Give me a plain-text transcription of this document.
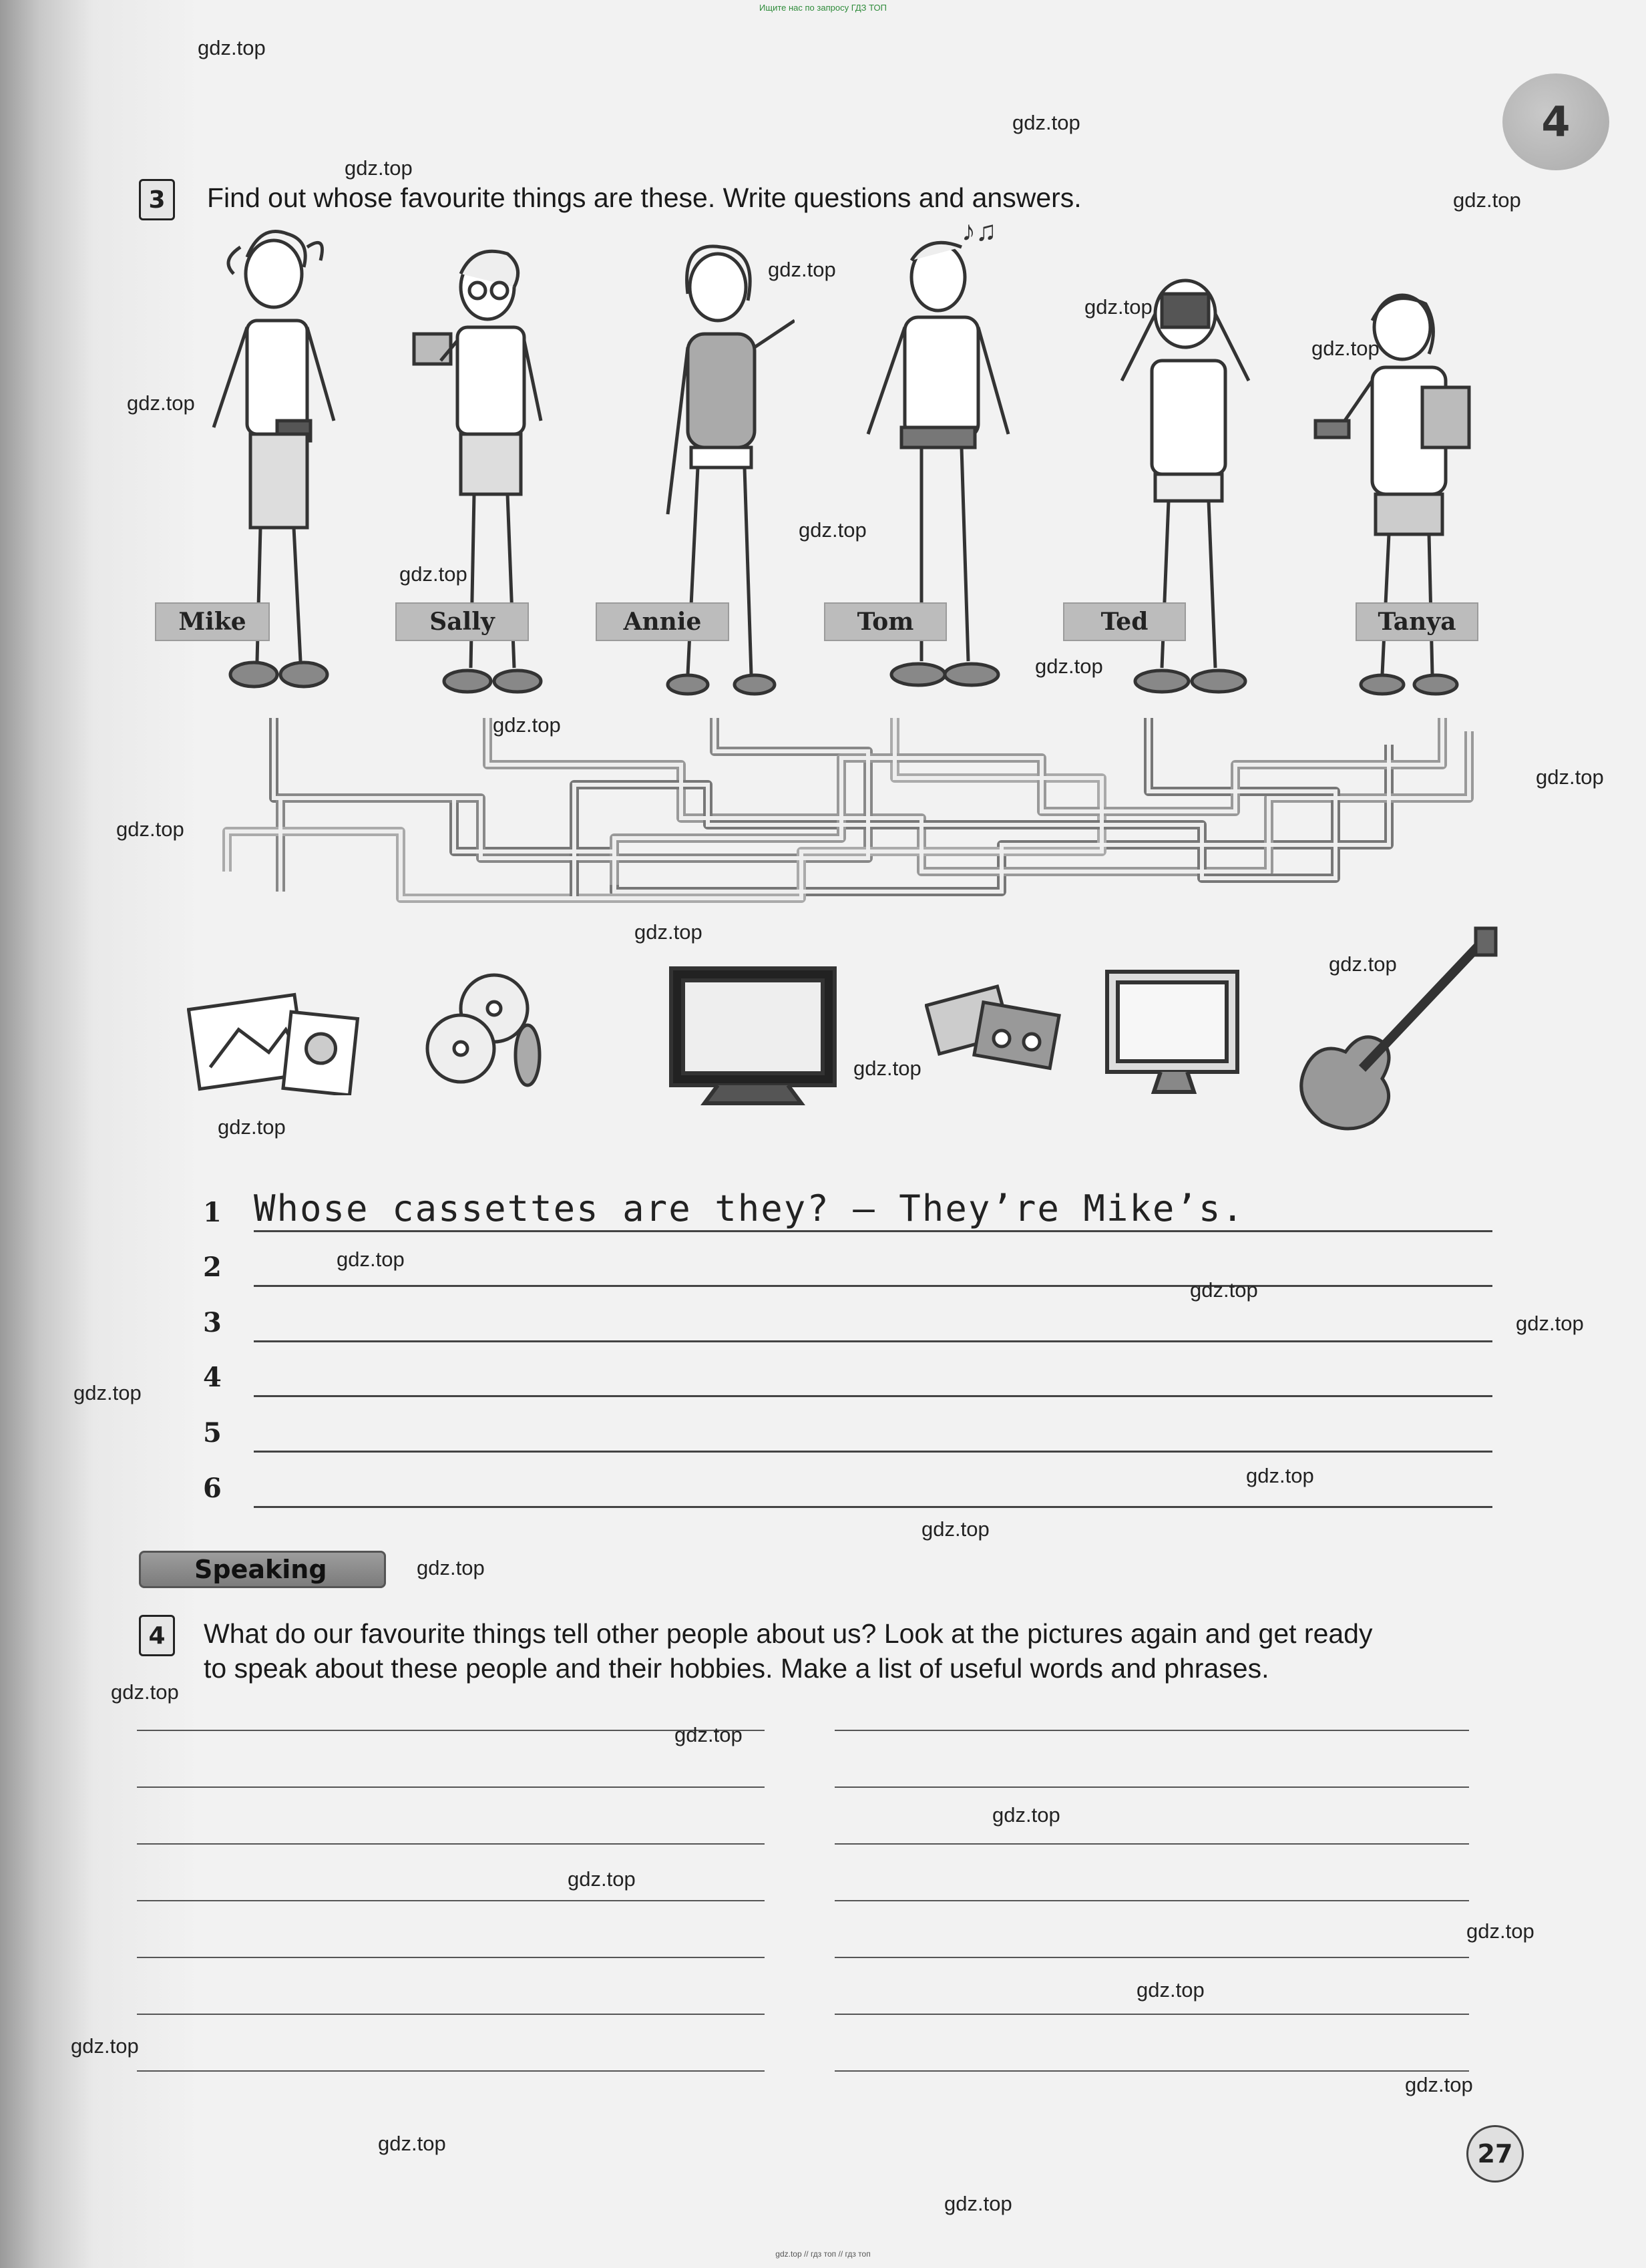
Ищите нас по запросу ГДЗ ТОП
4
3	Find out whose favourite things are these. Write questions and answers.
♪♫
Mike	Sally	Annie	Tom	Ted	Tanya
1 Whose cassettes are they? – They’re Mike’s.
2
3
4
5
6
Speaking
4	What do our favourite things tell other people about us? Look at the pictures again and get ready
to speak about these people and their hobbies. Make a list of useful words and phrases.
27
gdz.top
gdz.top
gdz.top
gdz.top
gdz.top
gdz.top
gdz.top
gdz.top
gdz.top
gdz.top
gdz.top
gdz.top
gdz.top
gdz.top
gdz.top
gdz.top
gdz.top
gdz.top
gdz.top
gdz.top
gdz.top
gdz.top
gdz.top
gdz.top
gdz.top
gdz.top
gdz.top
gdz.top
gdz.top
gdz.top
gdz.top
gdz.top
gdz.top
gdz.top
gdz.top
gdz.top // гдз топ // гдз топ
